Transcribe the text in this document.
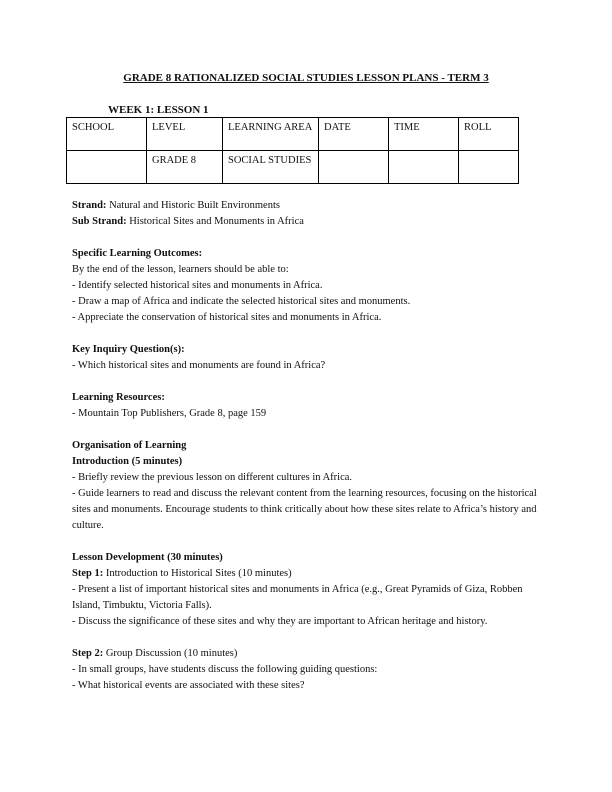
GRADE 8 RATIONALIZED SOCIAL STUDIES LESSON PLANS - TERM 3
WEEK 1: LESSON 1
SCHOOL	LEVEL	LEARNING AREA	DATE	TIME	ROLL
	GRADE 8	SOCIAL STUDIES			

Strand: Natural and Historic Built Environments

Sub Strand: Historical Sites and Monuments in Africa

Specific Learning Outcomes:

By the end of the lesson, learners should be able to:

- Identify selected historical sites and monuments in Africa.

- Draw a map of Africa and indicate the selected historical sites and monuments.

- Appreciate the conservation of historical sites and monuments in Africa.

Key Inquiry Question(s):

- Which historical sites and monuments are found in Africa?

Learning Resources:

- Mountain Top Publishers, Grade 8, page 159

Organisation of Learning

Introduction (5 minutes)

- Briefly review the previous lesson on different cultures in Africa.

- Guide learners to read and discuss the relevant content from the learning resources, focusing on the historical sites and monuments. Encourage students to think critically about how these sites relate to Africa’s history and culture.

Lesson Development (30 minutes)

Step 1: Introduction to Historical Sites (10 minutes)

- Present a list of important historical sites and monuments in Africa (e.g., Great Pyramids of Giza, Robben Island, Timbuktu, Victoria Falls).

- Discuss the significance of these sites and why they are important to African heritage and history.

Step 2: Group Discussion (10 minutes)

- In small groups, have students discuss the following guiding questions:

- What historical events are associated with these sites?
